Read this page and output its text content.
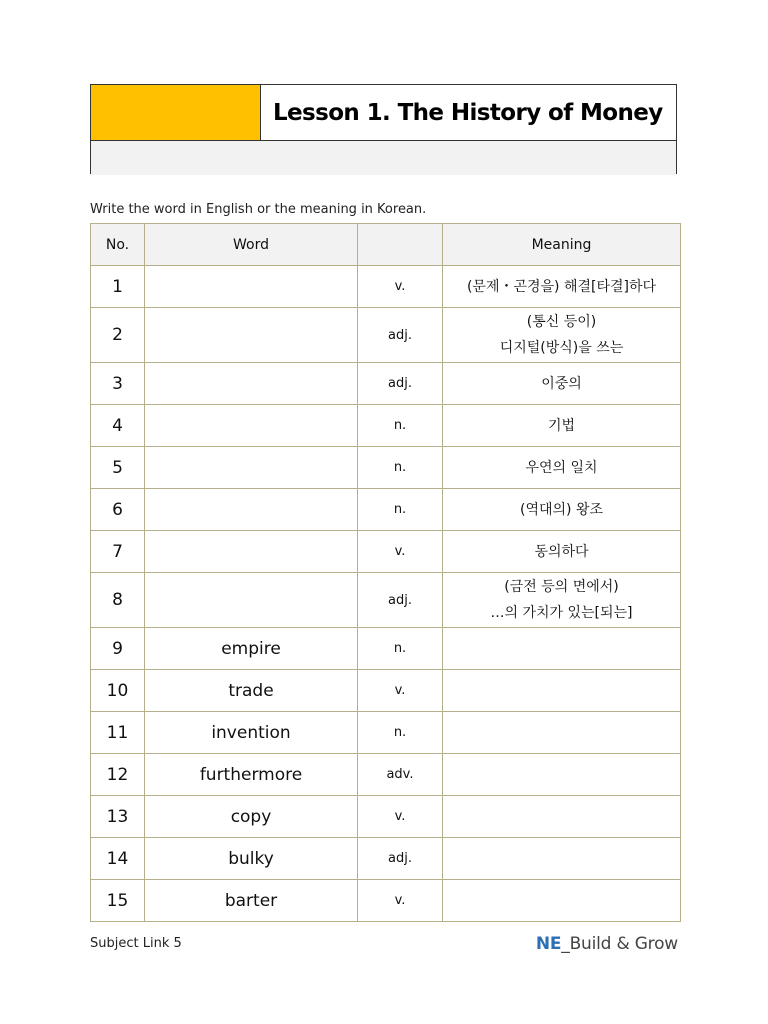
Lesson 1. The History of Money
Write the word in English or the meaning in Korean.
No.	Word		Meaning
1		v.	(문제・곤경을) 해결[타결]하다

2		adj.	(통신 등이)
디지털(방식)을 쓰는

3		adj.	이중의

4		n.	기법

5		n.	우연의 일치

6		n.	(역대의) 왕조

7		v.	동의하다

8		adj.	(금전 등의 면에서)
…의 가치가 있는[되는]

9	empire	n.	
10	trade	v.	
11	invention	n.	
12	furthermore	adv.	
13	copy	v.	
14	bulky	adj.	
15	barter	v.	
Subject Link 5	NE_Build & Grow
